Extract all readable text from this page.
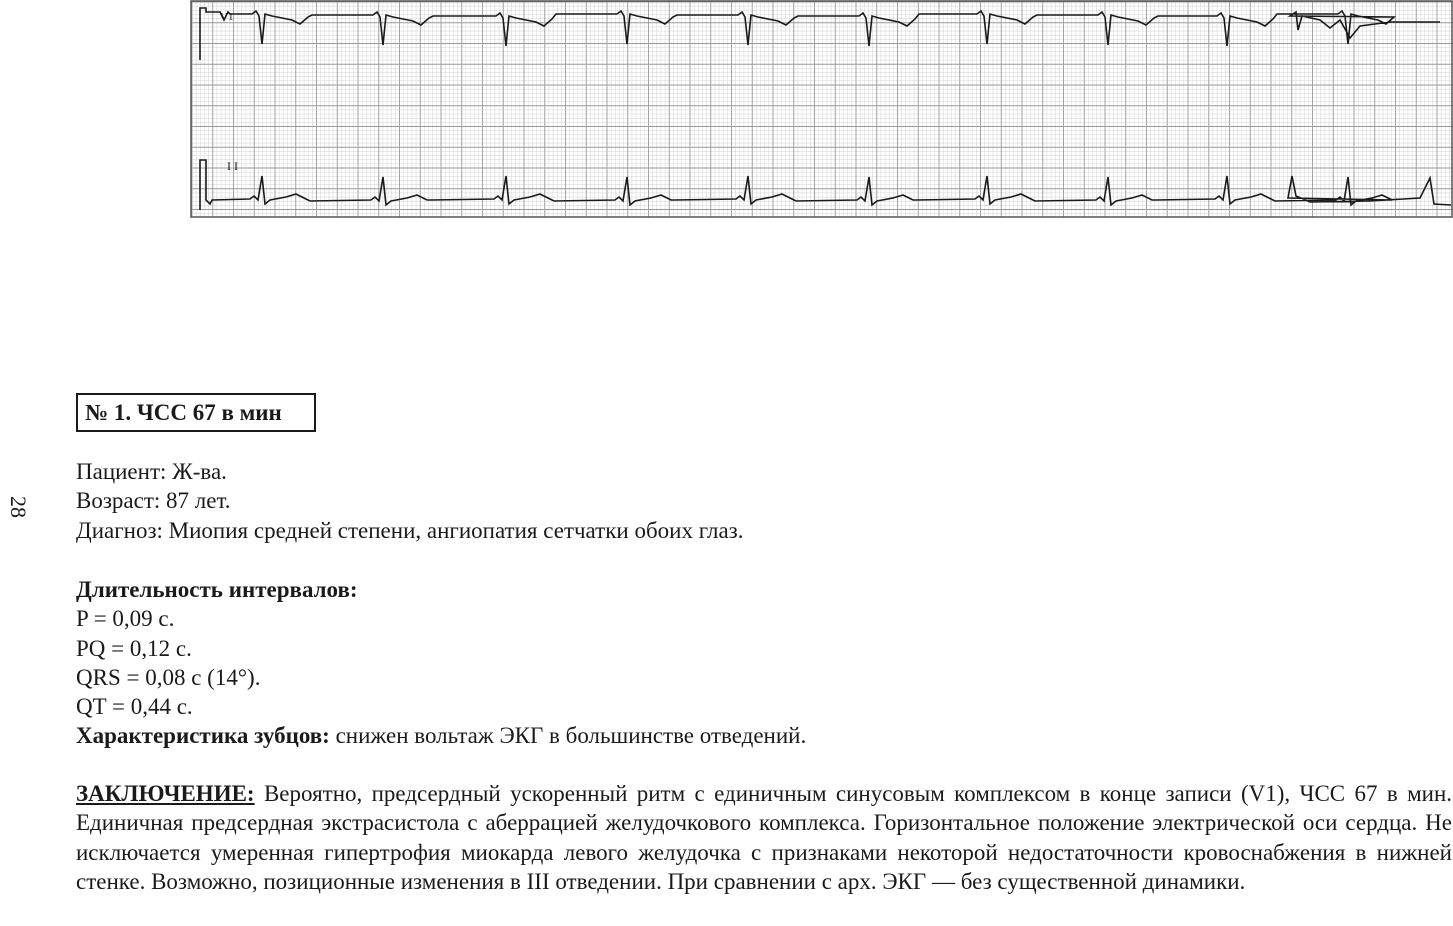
28
V1
I I
№ 1. ЧСС 67 в мин
Пациент: Ж-ва.
Возраст: 87 лет.
Диагноз: Миопия средней степени, ангиопатия сетчатки обоих глаз.
Длительность интервалов:
P = 0,09 с.
PQ = 0,12 с.
QRS = 0,08 с (14°).
QT = 0,44 с.
Характеристика зубцов: снижен вольтаж ЭКГ в большинстве отведений.
ЗАКЛЮЧЕНИЕ: Вероятно, предсердный ускоренный ритм с единичным синусовым комплексом в конце записи (V1), ЧСС 67 в мин. Единичная предсердная экстрасистола с аберрацией желудочкового комплекса. Горизонтальное положение электрической оси сердца. Не исключается умеренная гипертрофия миокарда левого желудочка с признаками некоторой недостаточности кровоснабжения в нижней стенке. Возможно, позиционные изменения в III отведении. При сравнении с арх. ЭКГ — без существенной динамики.
